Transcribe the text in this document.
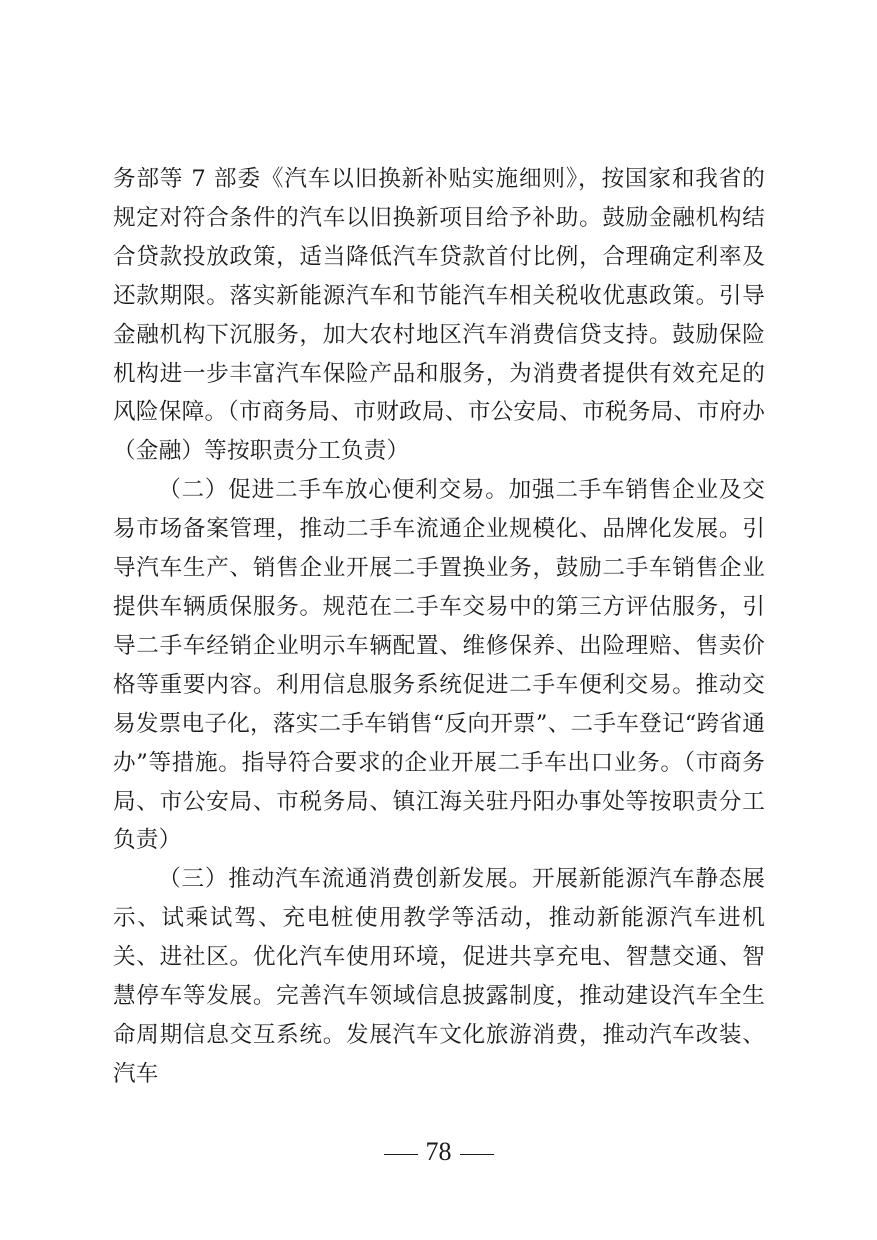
务部等 7 部委《汽车以旧换新补贴实施细则》，按国家和我省的规定对符合条件的汽车以旧换新项目给予补助。鼓励金融机构结合贷款投放政策，适当降低汽车贷款首付比例，合理确定利率及还款期限。落实新能源汽车和节能汽车相关税收优惠政策。引导金融机构下沉服务，加大农村地区汽车消费信贷支持。鼓励保险机构进一步丰富汽车保险产品和服务，为消费者提供有效充足的风险保障。（市商务局、市财政局、市公安局、市税务局、市府办（金融）等按职责分工负责）

（二）促进二手车放心便利交易。加强二手车销售企业及交易市场备案管理，推动二手车流通企业规模化、品牌化发展。引导汽车生产、销售企业开展二手置换业务，鼓励二手车销售企业提供车辆质保服务。规范在二手车交易中的第三方评估服务，引导二手车经销企业明示车辆配置、维修保养、出险理赔、售卖价格等重要内容。利用信息服务系统促进二手车便利交易。推动交易发票电子化，落实二手车销售“反向开票”、二手车登记“跨省通办”等措施。指导符合要求的企业开展二手车出口业务。（市商务局、市公安局、市税务局、镇江海关驻丹阳办事处等按职责分工负责）

（三）推动汽车流通消费创新发展。开展新能源汽车静态展示、试乘试驾、充电桩使用教学等活动，推动新能源汽车进机关、进社区。优化汽车使用环境，促进共享充电、智慧交通、智慧停车等发展。完善汽车领域信息披露制度，推动建设汽车全生命周期信息交互系统。发展汽车文化旅游消费，推动汽车改装、汽车

78
